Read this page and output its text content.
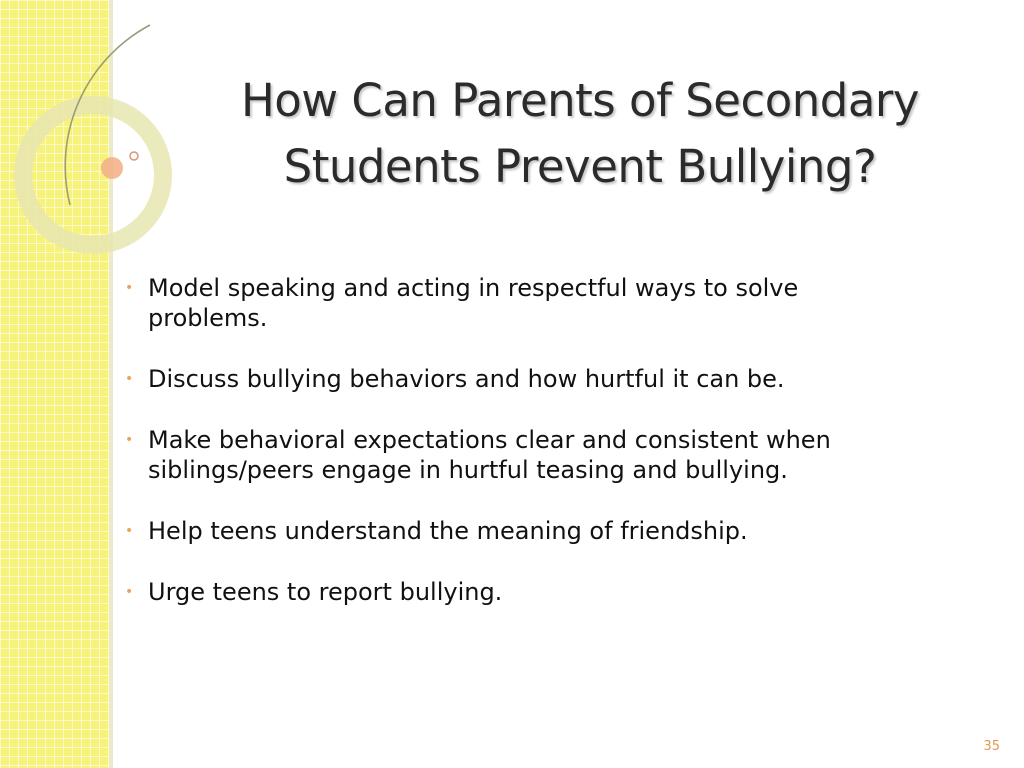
How Can Parents of Secondary
Students Prevent Bullying?
• Model speaking and acting in respectful ways to solve
problems.
• Discuss bullying behaviors and how hurtful it can be.
• Make behavioral expectations clear and consistent when
siblings/peers engage in hurtful teasing and bullying.
• Help teens understand the meaning of friendship.
• Urge teens to report bullying.
35
